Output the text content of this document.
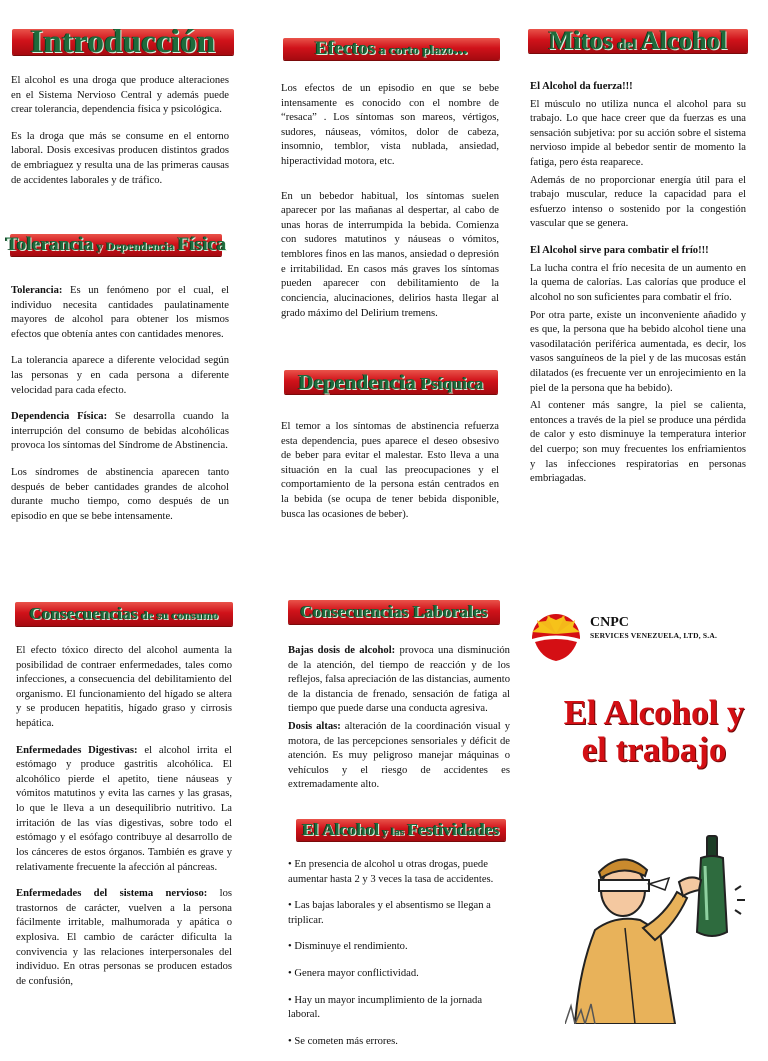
Introducción

El alcohol es una droga que produce alteraciones en el Sistema Nervioso Central y además puede crear tolerancia, dependencia física y psicológica.

Es la droga que más se consume en el entorno laboral. Dosis excesivas producen distintos grados de embriaguez y resulta una de las primeras causas de accidentes laborales y de tráfico.

Tolerancia y Dependencia Física

Tolerancia: Es un fenómeno por el cual, el individuo necesita cantidades paulatinamente mayores de alcohol para obtener los mismos efectos que obtenía antes con cantidades menores.

La tolerancia aparece a diferente velocidad según las personas y en cada persona a diferente velocidad para cada efecto.

Dependencia Física: Se desarrolla cuando la interrupción del consumo de bebidas alcohólicas provoca los síntomas del Síndrome de Abstinencia.

Los síndromes de abstinencia aparecen tanto después de beber cantidades grandes de alcohol durante mucho tiempo, como después de un episodio en que se bebe intensamente.

Efectos a corto plazo...

Los efectos de un episodio en que se bebe intensamente es conocido con el nombre de “resaca” . Los síntomas son mareos, vértigos, sudores, náuseas, vómitos, dolor de cabeza, insomnio, temblor, vista nublada, ansiedad, hiperactividad motora, etc.

En un bebedor habitual, los síntomas suelen aparecer por las mañanas al despertar, al cabo de unas horas de interrumpida la bebida. Comienza con sudores matutinos y náuseas o vómitos, temblores finos en las manos, ansiedad o depresión e irritabilidad. En casos más graves los síntomas pueden aparecer con debilitamiento de la conciencia, alucinaciones, delirios hasta llegar al grado máximo del Delirium tremens.

Dependencia Psíquica

El temor a los síntomas de abstinencia refuerza esta dependencia, pues aparece el deseo obsesivo de beber para evitar el malestar. Esto lleva a una situación en la cual las preocupaciones y el comportamiento de la persona están centrados en la bebida (se ocupa de tener bebida disponible, busca las ocasiones de beber).

Mitos del Alcohol

El Alcohol da fuerza!!!

El músculo no utiliza nunca el alcohol para su trabajo. Lo que hace creer que da fuerzas es una sensación subjetiva: por su acción sobre el sistema nervioso impide al bebedor sentir de momento la fatiga, pero ésta reaparece.

Además de no proporcionar energía útil para el trabajo muscular, reduce la capacidad para el esfuerzo intenso o sostenido por la congestión vascular que se genera.

El Alcohol sirve para combatir el frío!!!

La lucha contra el frío necesita de un aumento en la quema de calorías. Las calorías que produce el alcohol no son suficientes para combatir el frío.

Por otra parte, existe un inconveniente añadido y es que, la persona que ha bebido alcohol tiene una vasodilatación periférica aumentada, es decir, los vasos sanguíneos de la piel y de las mucosas están dilatados (es frecuente ver un enrojecimiento en la piel de la persona que ha bebido).

Al contener más sangre, la piel se calienta, entonces a través de la piel se produce una pérdida de calor y esto disminuye la temperatura interior del cuerpo; son muy frecuentes los enfriamientos y las infecciones respiratorias en personas embriagadas.

Consecuencias de su consumo

El efecto tóxico directo del alcohol aumenta la posibilidad de contraer enfermedades, tales como infecciones, a consecuencia del debilitamiento del organismo. El funcionamiento del hígado se altera y se producen hepatitis, hígado graso y cirrosis hepática.

Enfermedades Digestivas: el alcohol irrita el estómago y produce gastritis alcohólica. El alcohólico pierde el apetito, tiene náuseas y vómitos matutinos y evita las carnes y las grasas, lo que le lleva a un desequilibrio nutritivo. La irritación de las vías digestivas, sobre todo el estómago y el esófago contribuye al desarrollo de los cánceres de estos órganos. También es grave y relativamente frecuente la afección al páncreas.

Enfermedades del sistema nervioso: los trastornos de carácter, vuelven a la persona fácilmente irritable, malhumorada y apática o explosiva. El cambio de carácter dificulta la convivencia y las relaciones interpersonales del individuo. En otras personas se producen estados de confusión,

Consecuencias Laborales

Bajas dosis de alcohol: provoca una disminución de la atención, del tiempo de reacción y de los reflejos, falsa apreciación de las distancias, aumento de la distancia de frenado, sensación de fatiga al tiempo que puede darse una conducta agresiva.

Dosis altas: alteración de la coordinación visual y motora, de las percepciones sensoriales y déficit de atención. Es muy peligroso manejar máquinas o vehículos y el riesgo de accidentes es extremadamente alto.

El Alcohol y las Festividades

• En presencia de alcohol u otras drogas, puede aumentar hasta 2 y 3 veces la tasa de accidentes.

• Las bajas laborales y el absentismo se llegan a triplicar.

• Disminuye el rendimiento.

• Genera mayor conflictividad.

• Hay un mayor incumplimiento de la jornada laboral.

• Se cometen más errores.

CNPC
SERVICES VENEZUELA, LTD, S.A.
El Alcohol y
el trabajo
